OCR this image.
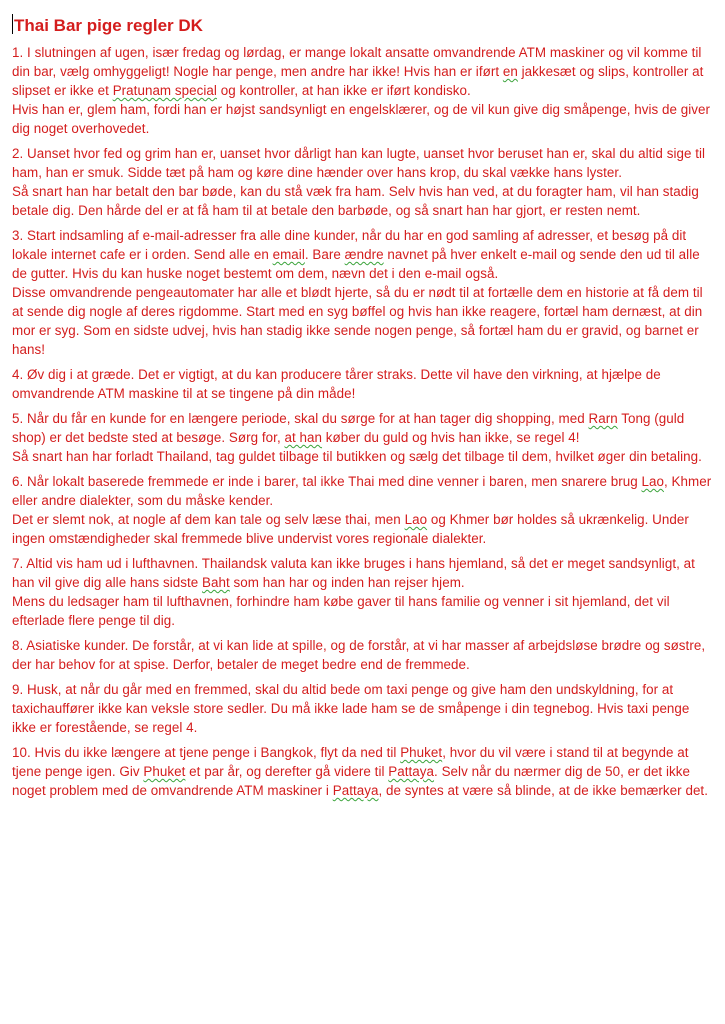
Thai Bar pige regler DK

1. I slutningen af ugen, især fredag og lørdag, er mange lokalt ansatte omvandrende ATM maskiner og vil komme til din bar, vælg omhyggeligt! Nogle har penge, men andre har ikke! Hvis han er iført en jakkesæt og slips, kontroller at slipset er ikke et Pratunam special og kontroller, at han ikke er iført kondisko.

Hvis han er, glem ham, fordi han er højst sandsynligt en engelsklærer, og de vil kun give dig småpenge, hvis de giver dig noget overhovedet.

2. Uanset hvor fed og grim han er, uanset hvor dårligt han kan lugte, uanset hvor beruset han er, skal du altid sige til ham, han er smuk. Sidde tæt på ham og køre dine hænder over hans krop, du skal vække hans lyster.

Så snart han har betalt den bar bøde, kan du stå væk fra ham. Selv hvis han ved, at du foragter ham, vil han stadig betale dig. Den hårde del er at få ham til at betale den barbøde, og så snart han har gjort, er resten nemt.

3. Start indsamling af e-mail-adresser fra alle dine kunder, når du har en god samling af adresser, et besøg på dit lokale internet cafe er i orden. Send alle en email. Bare ændre navnet på hver enkelt e-mail og sende den ud til alle de gutter. Hvis du kan huske noget bestemt om dem, nævn det i den e-mail også.

Disse omvandrende pengeautomater har alle et blødt hjerte, så du er nødt til at fortælle dem en historie at få dem til at sende dig nogle af deres rigdomme. Start med en syg bøffel og hvis han ikke reagere, fortæl ham dernæst, at din mor er syg. Som en sidste udvej, hvis han stadig ikke sende nogen penge, så fortæl ham du er gravid, og barnet er hans!

4. Øv dig i at græde. Det er vigtigt, at du kan producere tårer straks. Dette vil have den virkning, at hjælpe de omvandrende ATM maskine til at se tingene på din måde!

5. Når du får en kunde for en længere periode, skal du sørge for at han tager dig shopping, med Rarn Tong (guld shop) er det bedste sted at besøge. Sørg for, at han køber du guld og hvis han ikke, se regel 4!

Så snart han har forladt Thailand, tag guldet tilbage til butikken og sælg det tilbage til dem, hvilket øger din betaling.

6. Når lokalt baserede fremmede er inde i barer, tal ikke Thai med dine venner i baren, men snarere brug Lao, Khmer eller andre dialekter, som du måske kender.

Det er slemt nok, at nogle af dem kan tale og selv læse thai, men Lao og Khmer bør holdes så ukrænkelig. Under ingen omstændigheder skal fremmede blive undervist vores regionale dialekter.

7. Altid vis ham ud i lufthavnen. Thailandsk valuta kan ikke bruges i hans hjemland, så det er meget sandsynligt, at han vil give dig alle hans sidste Baht som han har og inden han rejser hjem.

Mens du ledsager ham til lufthavnen, forhindre ham købe gaver til hans familie og venner i sit hjemland, det vil efterlade flere penge til dig.

8. Asiatiske kunder. De forstår, at vi kan lide at spille, og de forstår, at vi har masser af arbejdsløse brødre og søstre, der har behov for at spise. Derfor, betaler de meget bedre end de fremmede.

9. Husk, at når du går med en fremmed, skal du altid bede om taxi penge og give ham den undskyldning, for at taxichauffører ikke kan veksle store sedler. Du må ikke lade ham se de småpenge i din tegnebog. Hvis taxi penge ikke er forestående, se regel 4.

10. Hvis du ikke længere at tjene penge i Bangkok, flyt da ned til Phuket, hvor du vil være i stand til at begynde at tjene penge igen. Giv Phuket et par år, og derefter gå videre til Pattaya. Selv når du nærmer dig de 50, er det ikke noget problem med de omvandrende ATM maskiner i Pattaya, de syntes at være så blinde, at de ikke bemærker det.
